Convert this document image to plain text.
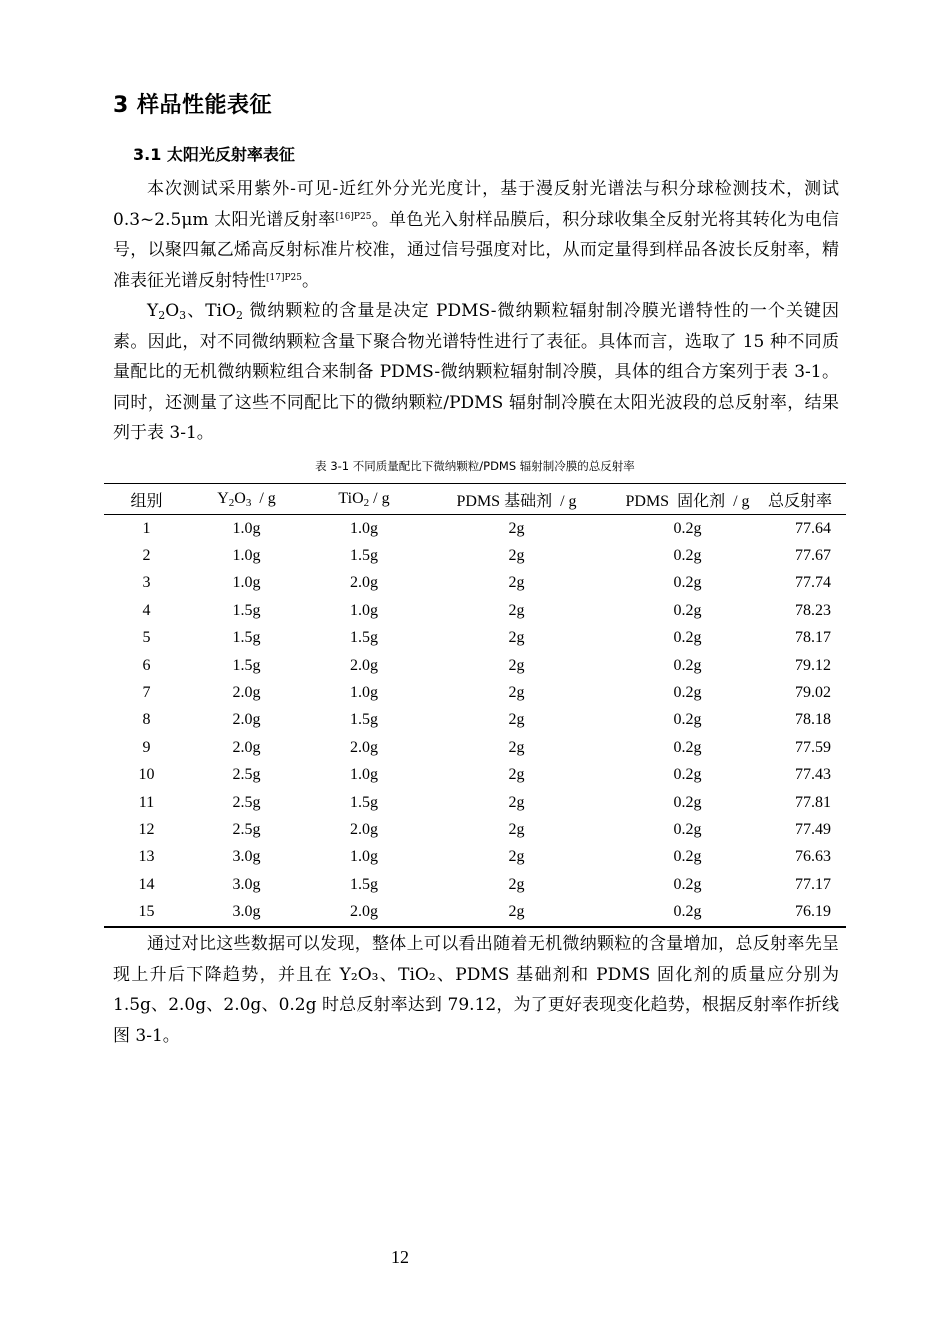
3 样品性能表征
3.1 太阳光反射率表征

本次测试采用紫外-可见-近红外分光光度计，基于漫反射光谱法与积分球检测技术，测试 0.3~2.5μm 太阳光谱反射率$^{[16]P25}$。单色光入射样品膜后，积分球收集全反射光将其转化为电信号，以聚四氟乙烯高反射标准片校准，通过信号强度对比，从而定量得到样品各波长反射率，精准表征光谱反射特性$^{[17]P25}$。

$Y_2O_3$、TiO$_2$ 微纳颗粒的含量是决定 PDMS-微纳颗粒辐射制冷膜光谱特性的一个关键因素。因此，对不同微纳颗粒含量下聚合物光谱特性进行了表征。具体而言，选取了 15 种不同质量配比的无机微纳颗粒组合来制备 PDMS-微纳颗粒辐射制冷膜，具体的组合方案列于表 3-1。同时，还测量了这些不同配比下的微纳颗粒/PDMS 辐射制冷膜在太阳光波段的总反射率，结果列于表 3-1。

表 3-1 不同质量配比下微纳颗粒/PDMS 辐射制冷膜的总反射率
组别	$Y_2O_3$  / g	TiO$_2$ / g	PDMS 基础剂  / g	PDMS  固化剂  / g	总反射率
1	1.0g	1.0g	2g	0.2g	77.64
2	1.0g	1.5g	2g	0.2g	77.67
3	1.0g	2.0g	2g	0.2g	77.74
4	1.5g	1.0g	2g	0.2g	78.23
5	1.5g	1.5g	2g	0.2g	78.17
6	1.5g	2.0g	2g	0.2g	79.12
7	2.0g	1.0g	2g	0.2g	79.02
8	2.0g	1.5g	2g	0.2g	78.18
9	2.0g	2.0g	2g	0.2g	77.59
10	2.5g	1.0g	2g	0.2g	77.43
11	2.5g	1.5g	2g	0.2g	77.81
12	2.5g	2.0g	2g	0.2g	77.49
13	3.0g	1.0g	2g	0.2g	76.63
14	3.0g	1.5g	2g	0.2g	77.17
15	3.0g	2.0g	2g	0.2g	76.19

通过对比这些数据可以发现，整体上可以看出随着无机微纳颗粒的含量增加，总反射率先呈现上升后下降趋势，并且在 Y₂O₃、TiO₂、PDMS 基础剂和 PDMS 固化剂的质量应分别为 1.5g、2.0g、2.0g、0.2g 时总反射率达到 79.12，为了更好表现变化趋势，根据反射率作折线图 3-1。

12
